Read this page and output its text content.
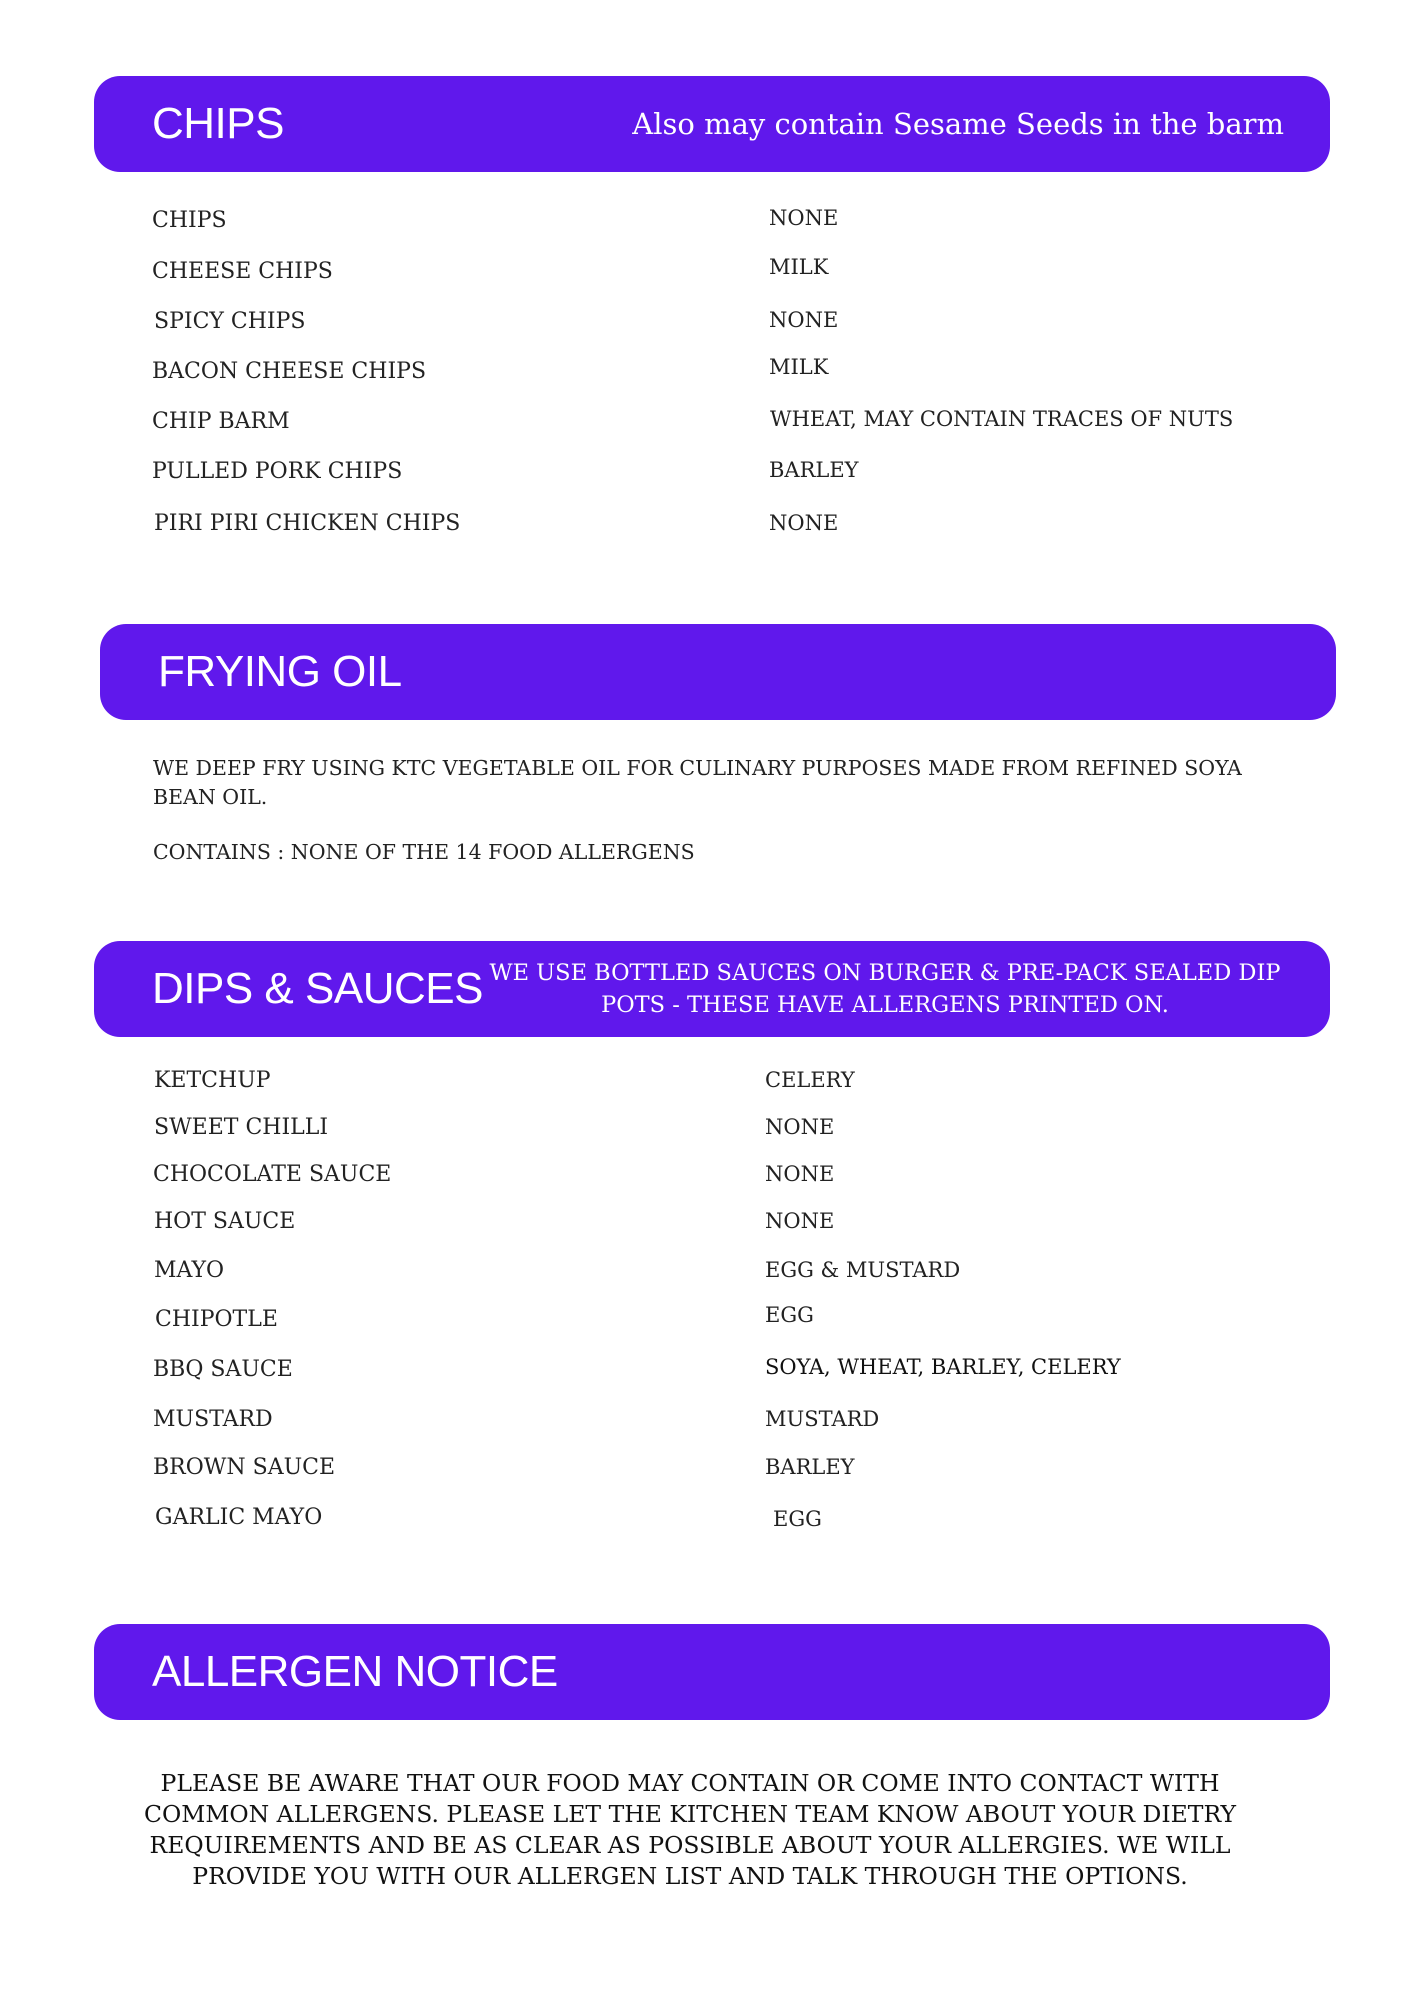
CHIPS	Also may contain Sesame Seeds in the barm
CHIPS	NONE
CHEESE CHIPS	MILK
SPICY CHIPS	NONE
BACON CHEESE CHIPS	MILK
CHIP BARM	WHEAT, MAY CONTAIN TRACES OF NUTS
PULLED PORK CHIPS	BARLEY
PIRI PIRI CHICKEN CHIPS	NONE
FRYING OIL
WE DEEP FRY USING KTC VEGETABLE OIL FOR CULINARY PURPOSES MADE FROM REFINED SOYA BEAN OIL.
CONTAINS : NONE OF THE 14 FOOD ALLERGENS
DIPS & SAUCES WE USE BOTTLED SAUCES ON BURGER & PRE-PACK SEALED DIP POTS - THESE HAVE ALLERGENS PRINTED ON.
KETCHUP	CELERY
SWEET CHILLI	NONE
CHOCOLATE SAUCE	NONE
HOT SAUCE	NONE
MAYO	EGG & MUSTARD
CHIPOTLE	EGG
BBQ SAUCE	SOYA, WHEAT, BARLEY, CELERY
MUSTARD	MUSTARD
BROWN SAUCE	BARLEY
GARLIC MAYO	EGG
ALLERGEN NOTICE
PLEASE BE AWARE THAT OUR FOOD MAY CONTAIN OR COME INTO CONTACT WITH COMMON ALLERGENS. PLEASE LET THE KITCHEN TEAM KNOW ABOUT YOUR DIETRY REQUIREMENTS AND BE AS CLEAR AS POSSIBLE ABOUT YOUR ALLERGIES. WE WILL PROVIDE YOU WITH OUR ALLERGEN LIST AND TALK THROUGH THE OPTIONS.
